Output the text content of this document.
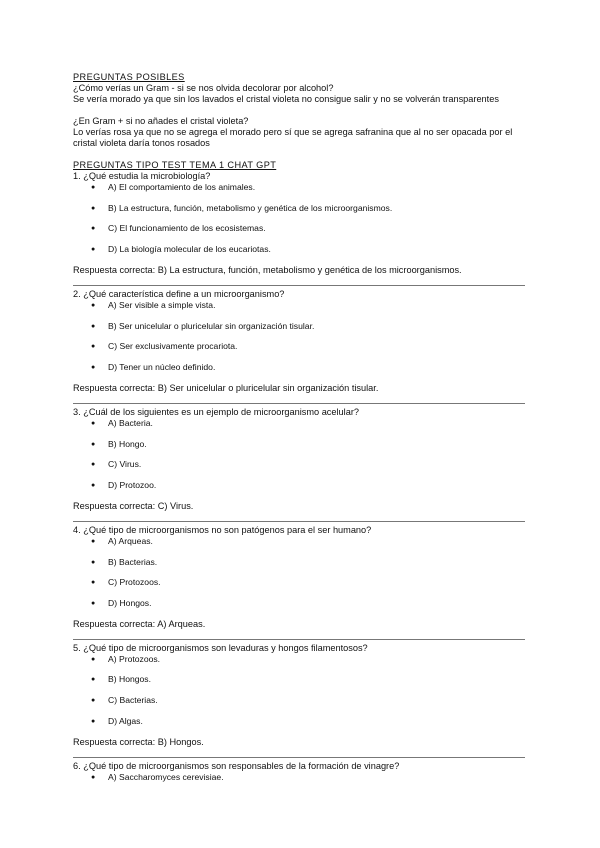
PREGUNTAS POSIBLES

¿Cómo verías un Gram - si se nos olvida decolorar por alcohol?

Se vería morado ya que sin los lavados el cristal violeta no consigue salir y no se volverán transparentes

¿En Gram + si no añades el cristal violeta?

Lo verías rosa ya que no se agrega el morado pero sí que se agrega safranina que al no ser opacada por el cristal violeta daría tonos rosados

PREGUNTAS TIPO TEST TEMA 1 CHAT GPT

1. ¿Qué estudia la microbiología?

● A) El comportamiento de los animales.
● B) La estructura, función, metabolismo y genética de los microorganismos.
● C) El funcionamiento de los ecosistemas.
● D) La biología molecular de los eucariotas.

Respuesta correcta: B) La estructura, función, metabolismo y genética de los microorganismos.

2. ¿Qué característica define a un microorganismo?

● A) Ser visible a simple vista.
● B) Ser unicelular o pluricelular sin organización tisular.
● C) Ser exclusivamente procariota.
● D) Tener un núcleo definido.

Respuesta correcta: B) Ser unicelular o pluricelular sin organización tisular.

3. ¿Cuál de los siguientes es un ejemplo de microorganismo acelular?

● A) Bacteria.
● B) Hongo.
● C) Virus.
● D) Protozoo.

Respuesta correcta: C) Virus.

4. ¿Qué tipo de microorganismos no son patógenos para el ser humano?

● A) Arqueas.
● B) Bacterias.
● C) Protozoos.
● D) Hongos.

Respuesta correcta: A) Arqueas.

5. ¿Qué tipo de microorganismos son levaduras y hongos filamentosos?

● A) Protozoos.
● B) Hongos.
● C) Bacterias.
● D) Algas.

Respuesta correcta: B) Hongos.

6. ¿Qué tipo de microorganismos son responsables de la formación de vinagre?

● A) Saccharomyces cerevisiae.
